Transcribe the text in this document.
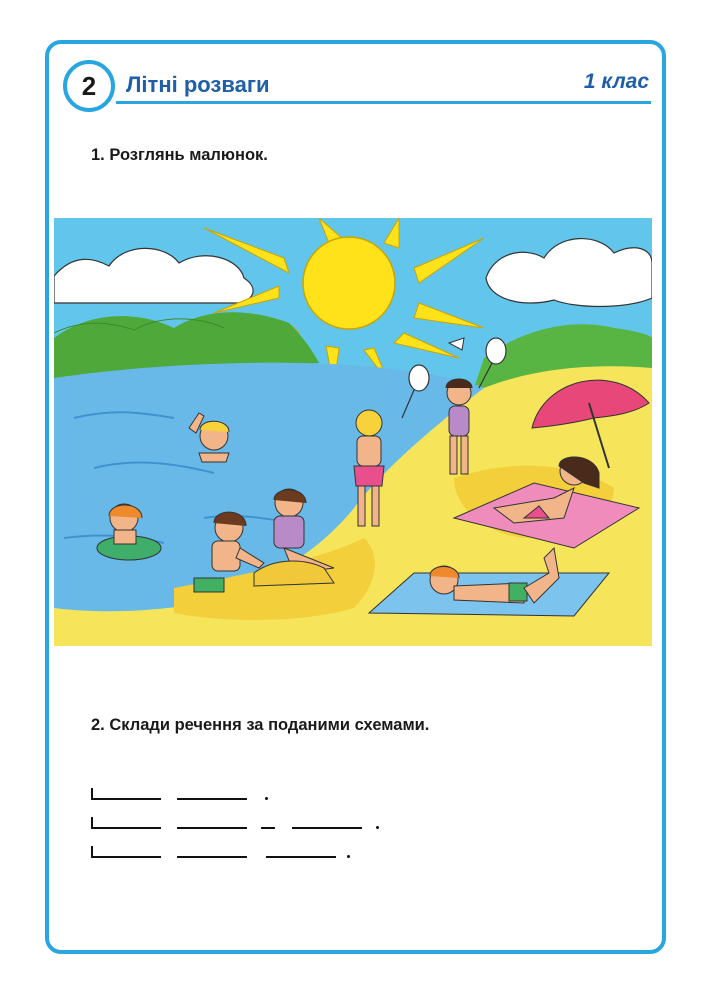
2 Літні розваги	1 клас
1. Розглянь малюнок.
2. Склади речення за поданими схемами.
